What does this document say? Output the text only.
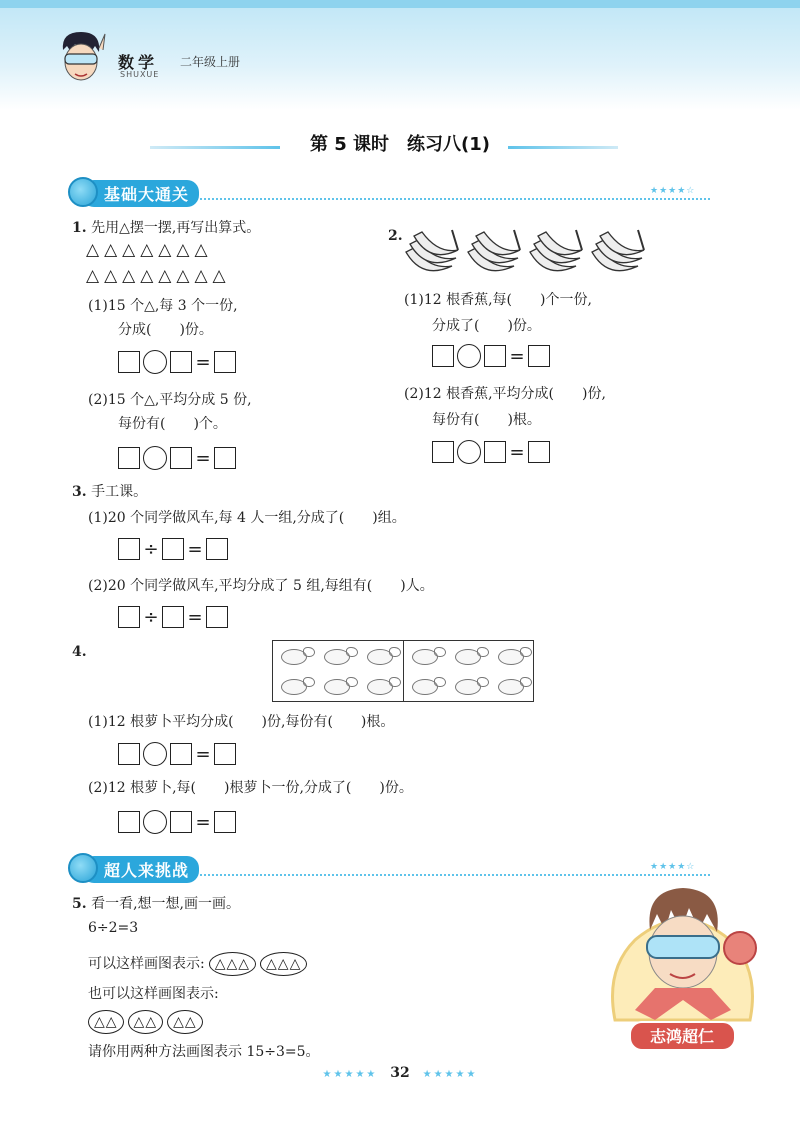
数学
SHUXUE
二年级上册
第 5 课时　练习八(1)
基础大通关	★★★★☆
1. 先用△摆一摆,再写出算式。
△△△△△△△
△△△△△△△△
(1)15 个△,每 3 个一份,
分成(　　)份。
=
(2)15 个△,平均分成 5 份,
每份有(　　)个。
=
2.
(1)12 根香蕉,每(　　)个一份,
分成了(　　)份。
=
(2)12 根香蕉,平均分成(　　)份,
每份有(　　)根。
=
3. 手工课。
(1)20 个同学做风车,每 4 人一组,分成了(　　)组。
÷ =
(2)20 个同学做风车,平均分成了 5 组,每组有(　　)人。
÷ =
4.
(1)12 根萝卜平均分成(　　)份,每份有(　　)根。
=
(2)12 根萝卜,每(　　)根萝卜一份,分成了(　　)份。
=
超人来挑战	★★★★☆
5. 看一看,想一想,画一画。
6÷2=3
可以这样画图表示: △△△	△△△
也可以这样画图表示:
△△	△△	△△
请你用两种方法画图表示 15÷3=5。
志鸿超仁
★★★★★ 32 ★★★★★
